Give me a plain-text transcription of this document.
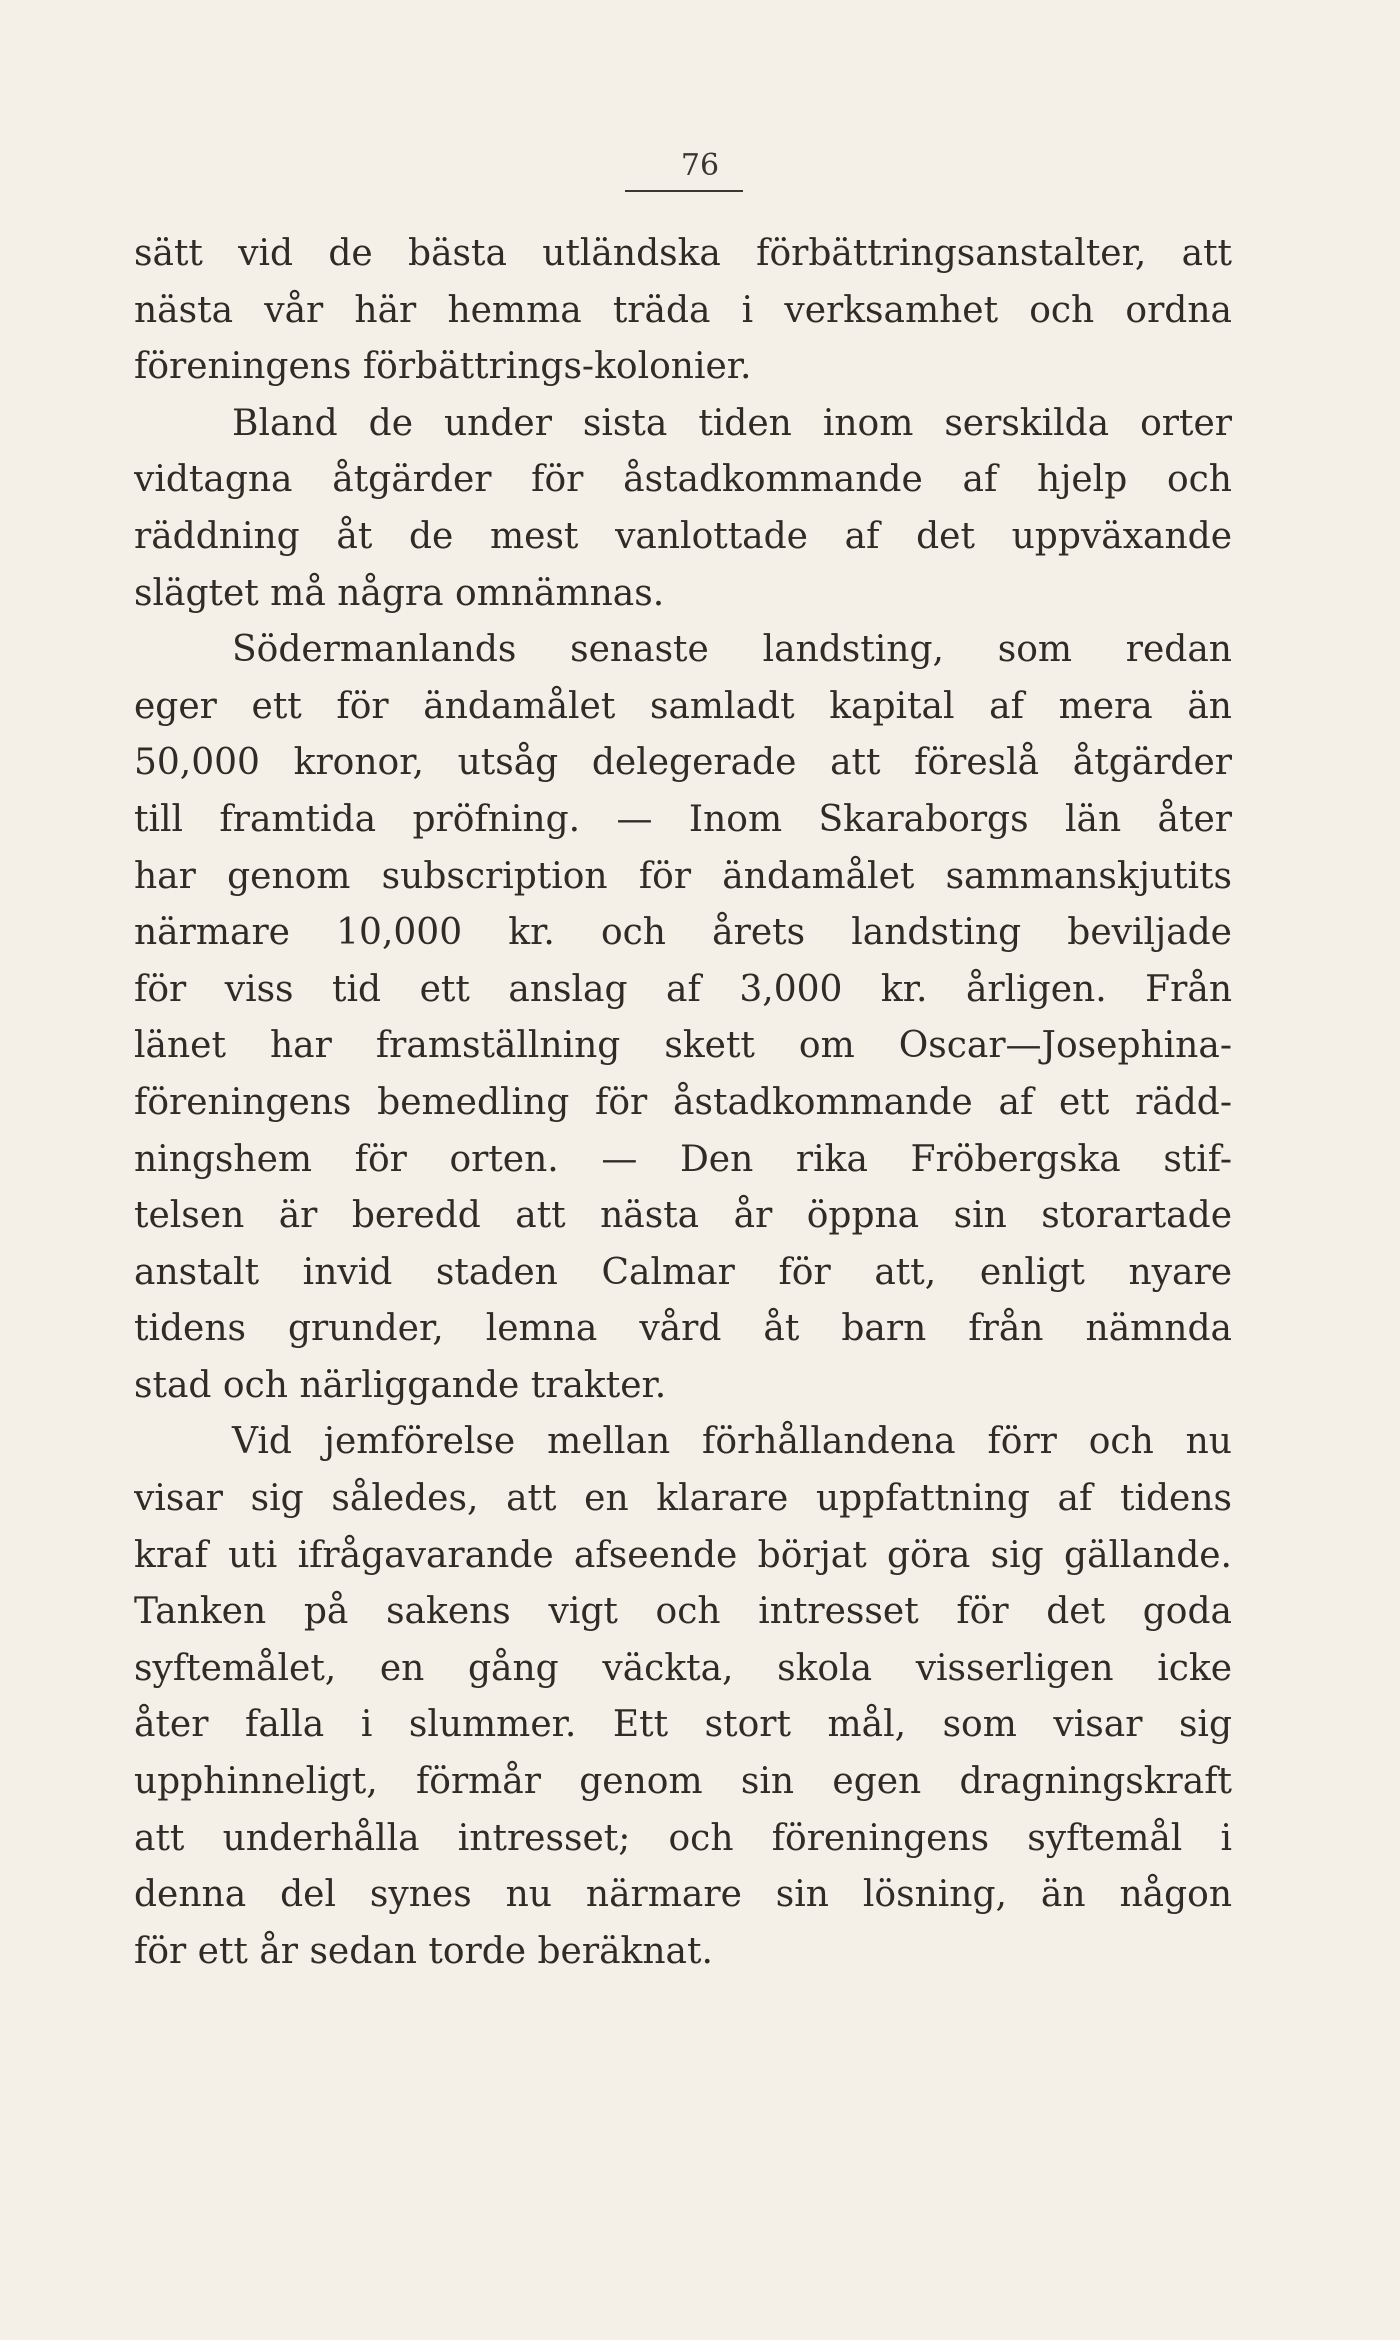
76
sätt vid de bästa utländska förbättringsanstalter, att
nästa vår här hemma träda i verksamhet och ordna
föreningens förbättrings-kolonier.
Bland de under sista tiden inom serskilda orter
vidtagna åtgärder för åstadkommande af hjelp och
räddning åt de mest vanlottade af det uppväxande
slägtet må några omnämnas.
Södermanlands senaste landsting, som redan
eger ett för ändamålet samladt kapital af mera än
50,000 kronor, utsåg delegerade att föreslå åtgärder
till framtida pröfning. — Inom Skaraborgs län åter
har genom subscription för ändamålet sammanskjutits
närmare 10,000 kr. och årets landsting beviljade
för viss tid ett anslag af 3,000 kr. årligen. Från
länet har framställning skett om Oscar—Josephina-
föreningens bemedling för åstadkommande af ett rädd-
ningshem för orten. — Den rika Fröbergska stif-
telsen är beredd att nästa år öppna sin storartade
anstalt invid staden Calmar för att, enligt nyare
tidens grunder, lemna vård åt barn från nämnda
stad och närliggande trakter.
Vid jemförelse mellan förhållandena förr och nu
visar sig således, att en klarare uppfattning af tidens
kraf uti ifrågavarande afseende börjat göra sig gällande.
Tanken på sakens vigt och intresset för det goda
syftemålet, en gång väckta, skola visserligen icke
åter falla i slummer. Ett stort mål, som visar sig
upphinneligt, förmår genom sin egen dragningskraft
att underhålla intresset; och föreningens syftemål i
denna del synes nu närmare sin lösning, än någon
för ett år sedan torde beräknat.
